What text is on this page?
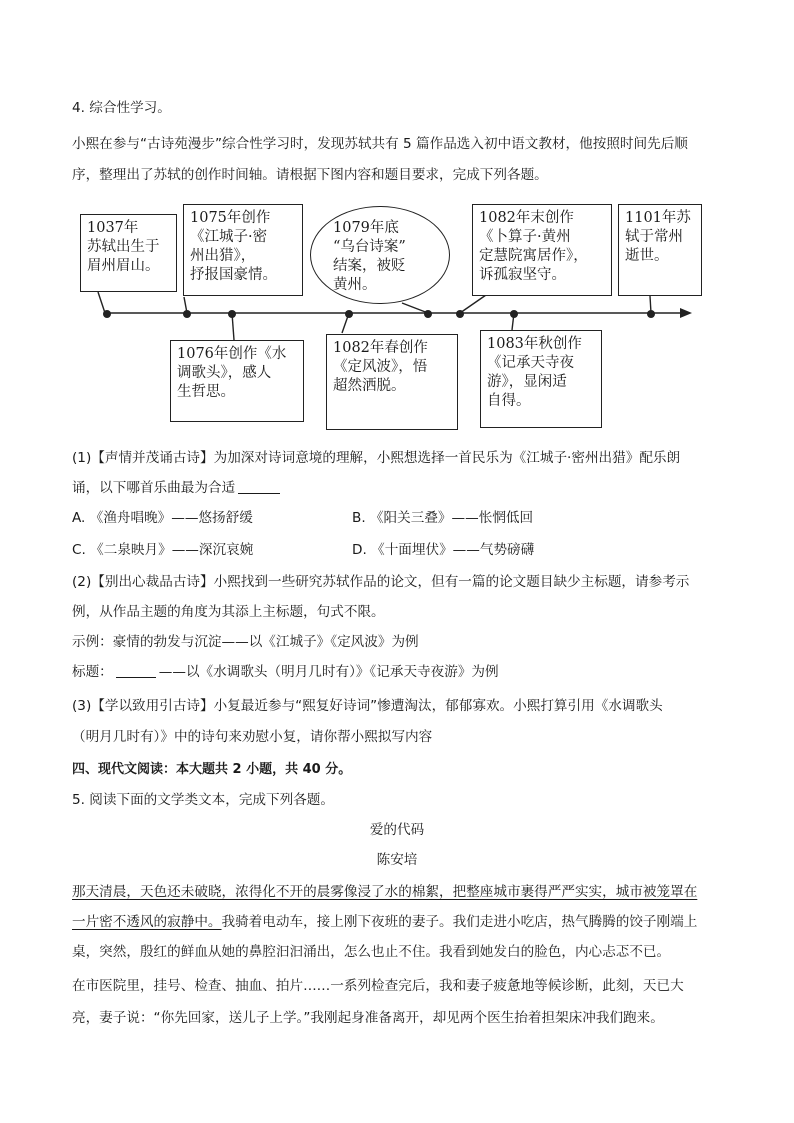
4. 综合性学习。
小熙在参与“古诗苑漫步”综合性学习时，发现苏轼共有 5 篇作品选入初中语文教材，他按照时间先后顺
序，整理出了苏轼的创作时间轴。请根据下图内容和题目要求，完成下列各题。
1037年
苏轼出生于
眉州眉山。
1075年创作
《江城子·密
州出猎》，
抒报国豪情。
1079年底
“乌台诗案”
结案，被贬
黄州。
1082年末创作
《卜算子·黄州
定慧院寓居作》，
诉孤寂坚守。
1101年苏
轼于常州
逝世。
1076年创作《水
调歌头》，感人
生哲思。
1082年春创作
《定风波》，悟
超然洒脱。
1083年秋创作
《记承天寺夜
游》，显闲适
自得。
(1)【声情并茂诵古诗】为加深对诗词意境的理解，小熙想选择一首民乐为《江城子·密州出猎》配乐朗
诵，以下哪首乐曲最为合适
A. 《渔舟唱晚》——悠扬舒缓	B. 《阳关三叠》——怅惘低回
C. 《二泉映月》——深沉哀婉	D. 《十面埋伏》——气势磅礴
(2)【别出心裁品古诗】小熙找到一些研究苏轼作品的论文，但有一篇的论文题目缺少主标题，请参考示
例，从作品主题的角度为其添上主标题，句式不限。
示例：豪情的勃发与沉淀——以《江城子》《定风波》为例
标题：	——以《水调歌头（明月几时有）》《记承天寺夜游》为例
(3)【学以致用引古诗】小复最近参与“熙复好诗词”惨遭淘汰，郁郁寡欢。小熙打算引用《水调歌头
（明月几时有）》中的诗句来劝慰小复，请你帮小熙拟写内容
四、现代文阅读：本大题共 2 小题，共 40 分。
5. 阅读下面的文学类文本，完成下列各题。
爱的代码
陈安培
那天清晨，天色还未破晓，浓得化不开的晨雾像浸了水的棉絮，把整座城市裹得严严实实，城市被笼罩在
一片密不透风的寂静中。我骑着电动车，接上刚下夜班的妻子。我们走进小吃店，热气腾腾的饺子刚端上
桌，突然，殷红的鲜血从她的鼻腔汩汩涌出，怎么也止不住。我看到她发白的脸色，内心忐忑不已。
在市医院里，挂号、检查、抽血、拍片……一系列检查完后，我和妻子疲惫地等候诊断，此刻，天已大
亮，妻子说：“你先回家，送儿子上学。”我刚起身准备离开，却见两个医生抬着担架床冲我们跑来。
